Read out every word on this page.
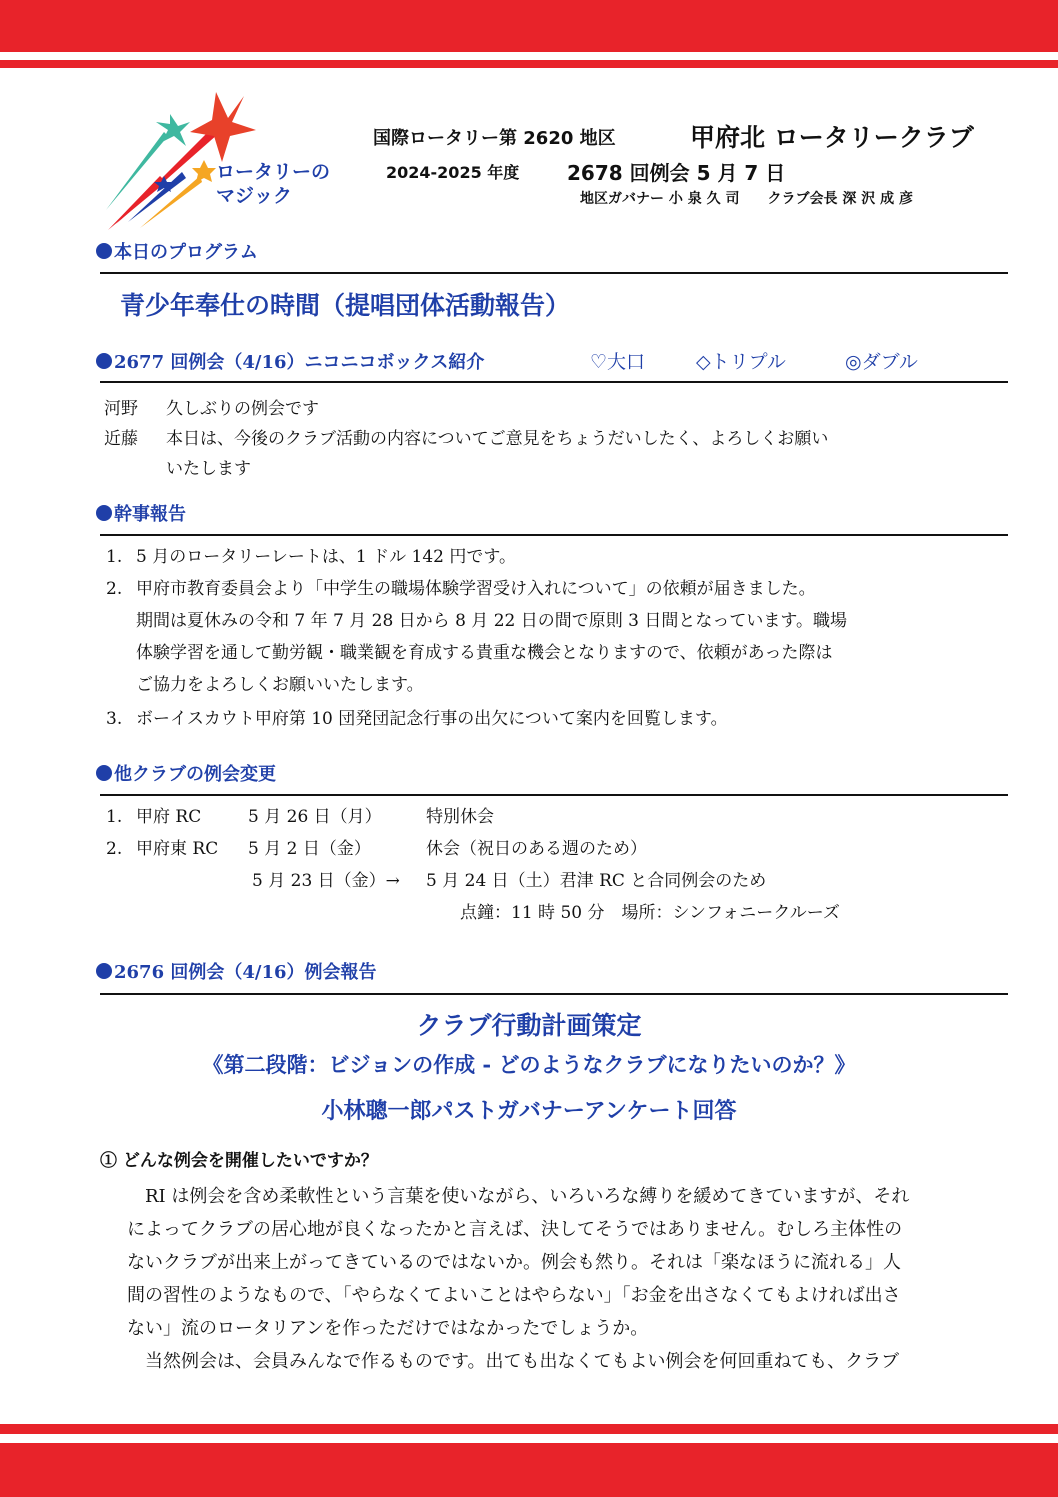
ロータリーの
マジック
国際ロータリー第 2620 地区	甲府北 ロータリークラブ
2024-2025 年度 2678 回例会 5 月 7 日
地区ガバナー 小 泉 久 司　　クラブ会長 深 沢 成 彦
本日のプログラム
青少年奉仕の時間（提唱団体活動報告）
2677 回例会（4/16）ニコニコボックス紹介	♡大口	◇トリプル	◎ダブル
河野 久しぶりの例会です
近藤 本日は、今後のクラブ活動の内容についてご意見をちょうだいしたく、よろしくお願い
いたします
幹事報告
1. 5 月のロータリーレートは、1 ドル 142 円です。
2. 甲府市教育委員会より「中学生の職場体験学習受け入れについて」の依頼が届きました。
期間は夏休みの令和 7 年 7 月 28 日から 8 月 22 日の間で原則 3 日間となっています。職場
体験学習を通して勤労観・職業観を育成する貴重な機会となりますので、依頼があった際は
ご協力をよろしくお願いいたします。
3. ボーイスカウト甲府第 10 団発団記念行事の出欠について案内を回覧します。
他クラブの例会変更
1. 甲府 RC	5 月 26 日（月）	特別休会
2. 甲府東 RC 5 月 2 日（金）	休会（祝日のある週のため）
5 月 23 日（金）→ 5 月 24 日（土）君津 RC と合同例会のため
点鐘：11 時 50 分　場所：シンフォニークルーズ
2676 回例会（4/16）例会報告
クラブ行動計画策定
《第二段階：ビジョンの作成 - どのようなクラブになりたいのか？》
小林聰一郎パストガバナーアンケート回答
① どんな例会を開催したいですか？
　RI は例会を含め柔軟性という言葉を使いながら、いろいろな縛りを緩めてきていますが、それ
によってクラブの居心地が良くなったかと言えば、決してそうではありません。むしろ主体性の
ないクラブが出来上がってきているのではないか。例会も然り。それは「楽なほうに流れる」人
間の習性のようなもので、「やらなくてよいことはやらない」「お金を出さなくてもよければ出さ
ない」流のロータリアンを作っただけではなかったでしょうか。
　当然例会は、会員みんなで作るものです。出ても出なくてもよい例会を何回重ねても、クラブ
